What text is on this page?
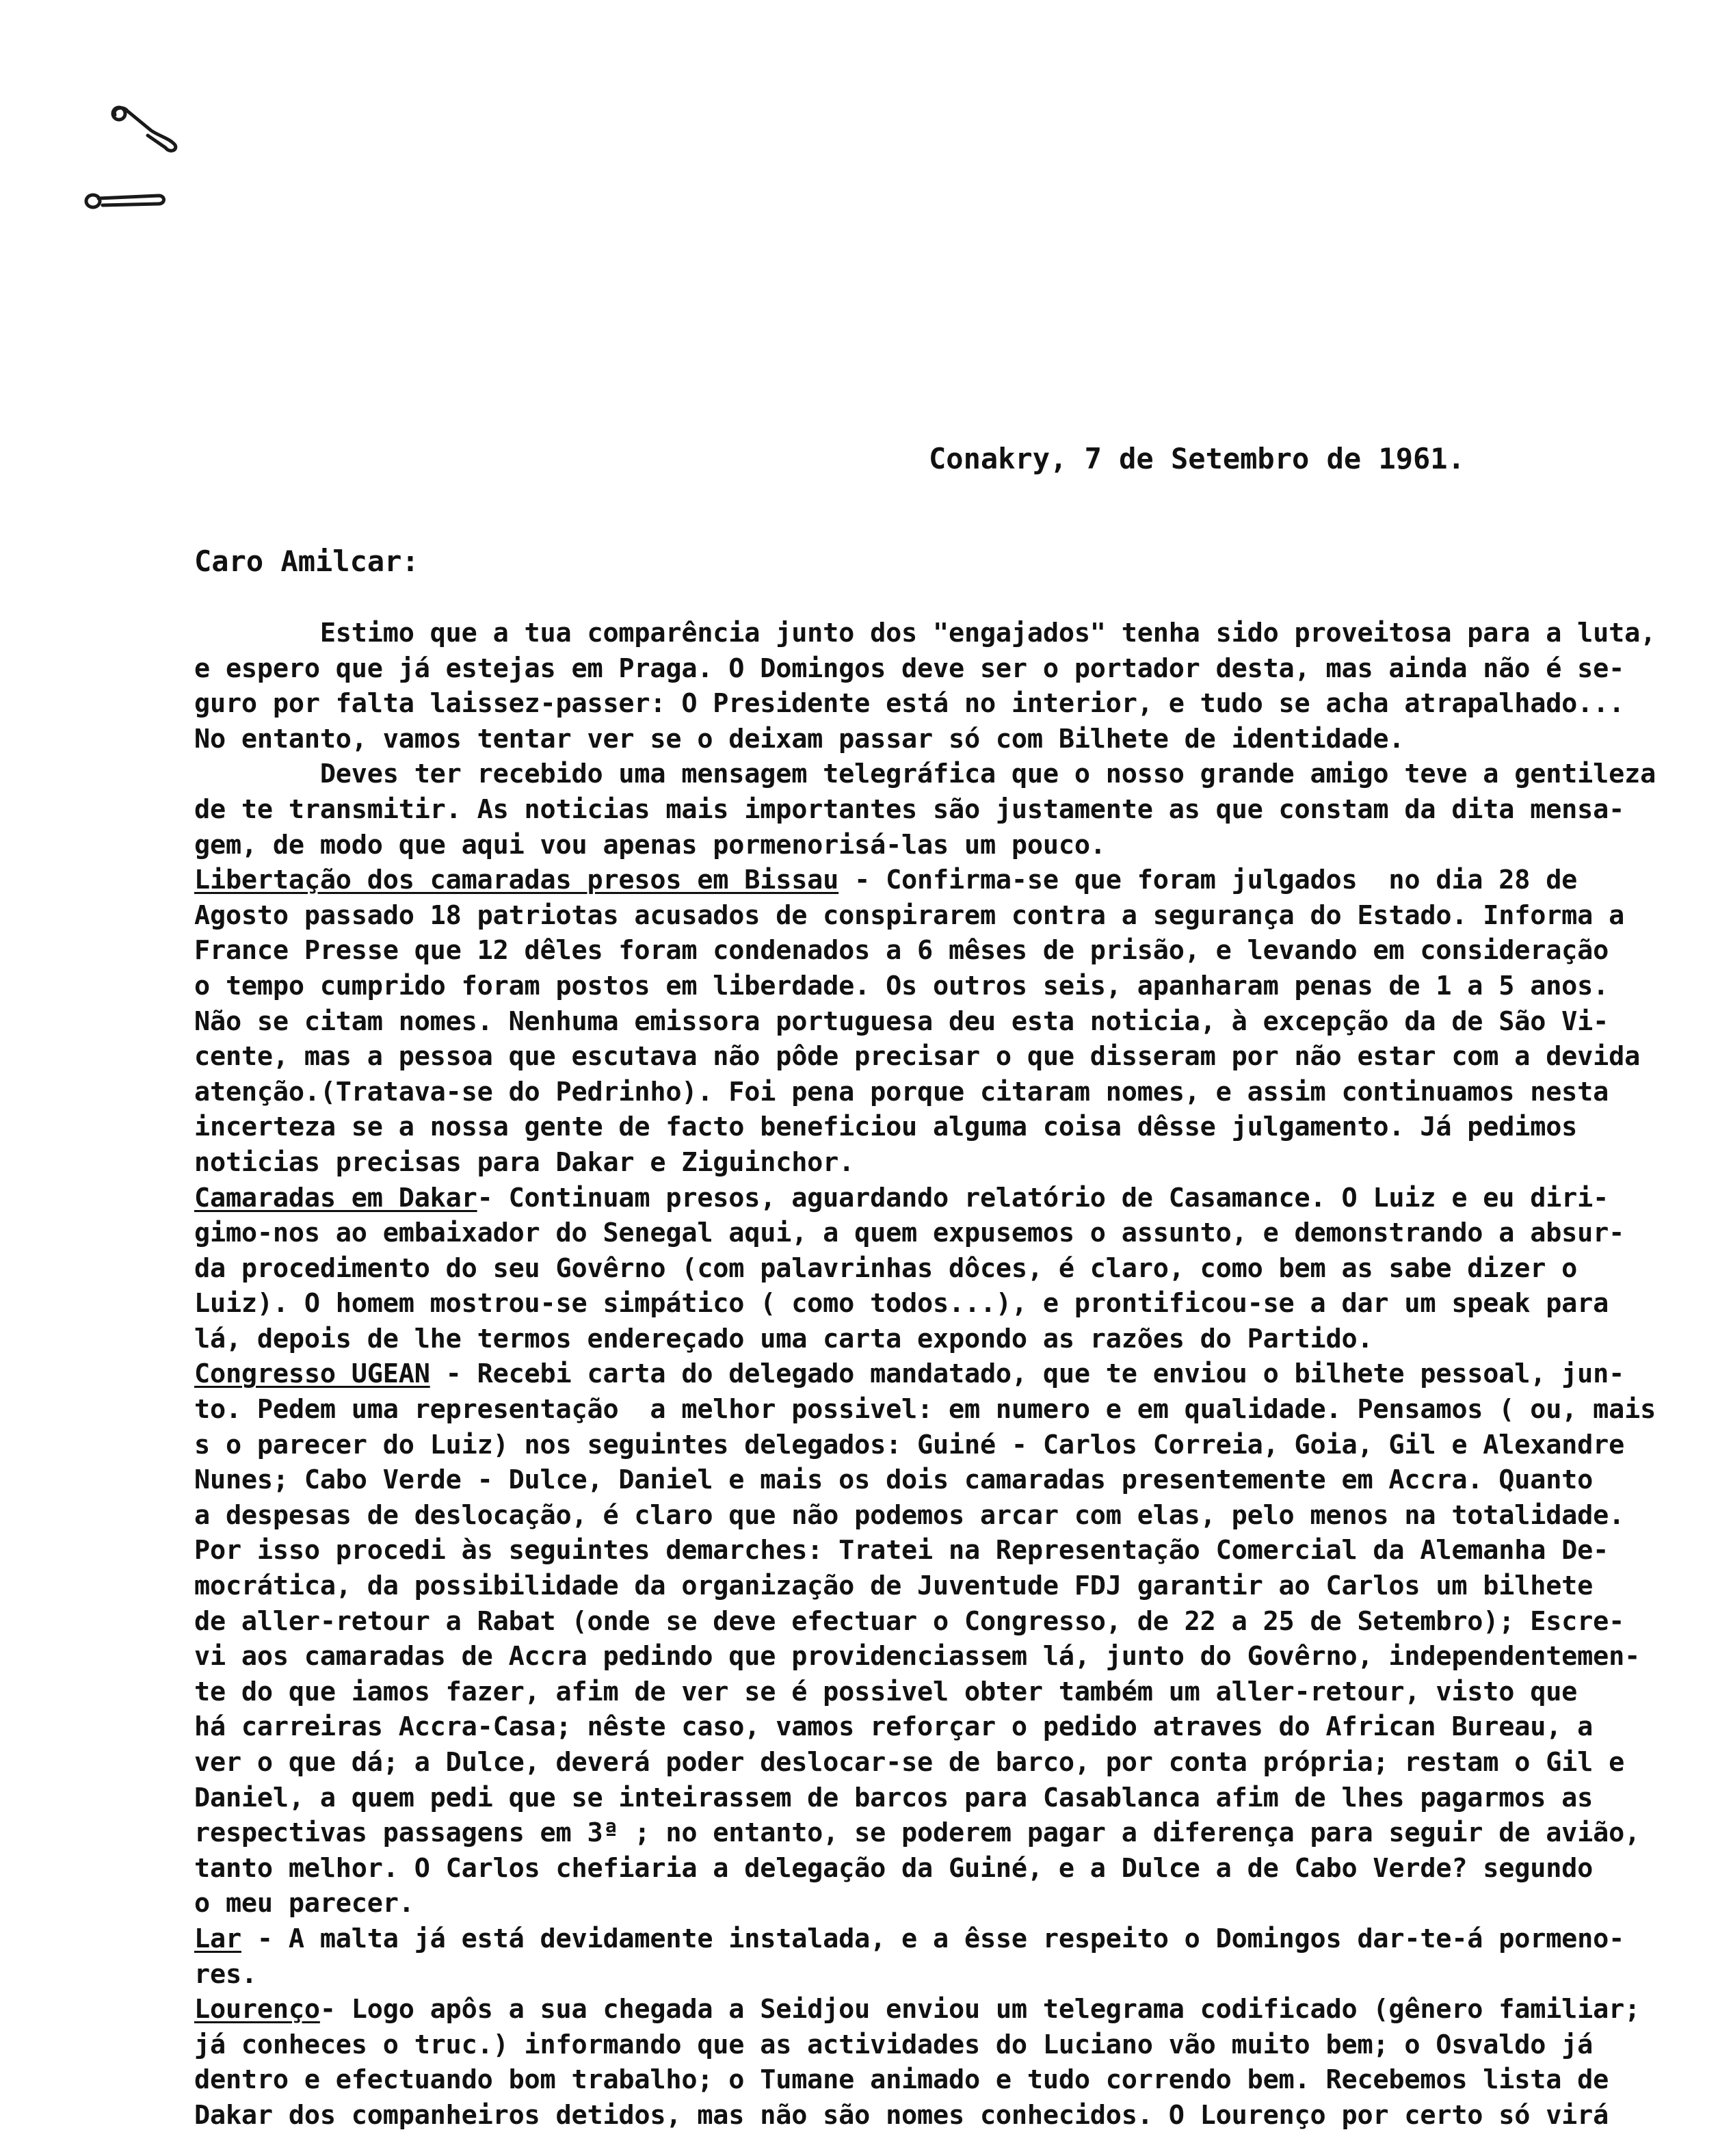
Conakry, 7 de Setembro de 1961.
Caro Amilcar:
Estimo que a tua comparência junto dos "engajados" tenha sido proveitosa para a luta,
e espero que já estejas em Praga. O Domingos deve ser o portador desta, mas ainda não é se-
guro por falta laissez-passer: O Presidente está no interior, e tudo se acha atrapalhado...
No entanto, vamos tentar ver se o deixam passar só com Bilhete de identidade.
Deves ter recebido uma mensagem telegráfica que o nosso grande amigo teve a gentileza
de te transmitir. As noticias mais importantes são justamente as que constam da dita mensa-
gem, de modo que aqui vou apenas pormenorisá-las um pouco.
Libertação dos camaradas presos em Bissau - Confirma-se que foram julgados  no dia 28 de
Agosto passado 18 patriotas acusados de conspirarem contra a segurança do Estado. Informa a
France Presse que 12 dêles foram condenados a 6 mêses de prisão, e levando em consideração
o tempo cumprido foram postos em liberdade. Os outros seis, apanharam penas de 1 a 5 anos.
Não se citam nomes. Nenhuma emissora portuguesa deu esta noticia, à excepção da de São Vi-
cente, mas a pessoa que escutava não pôde precisar o que disseram por não estar com a devida
atenção.(Tratava-se do Pedrinho). Foi pena porque citaram nomes, e assim continuamos nesta
incerteza se a nossa gente de facto beneficiou alguma coisa dêsse julgamento. Já pedimos
noticias precisas para Dakar e Ziguinchor.
Camaradas em Dakar- Continuam presos, aguardando relatório de Casamance. O Luiz e eu diri-
gimo-nos ao embaixador do Senegal aqui, a quem expusemos o assunto, e demonstrando a absur-
da procedimento do seu Govêrno (com palavrinhas dôces, é claro, como bem as sabe dizer o
Luiz). O homem mostrou-se simpático ( como todos...), e prontificou-se a dar um speak para
lá, depois de lhe termos endereçado uma carta expondo as razões do Partido.
Congresso UGEAN - Recebi carta do delegado mandatado, que te enviou o bilhete pessoal, jun-
to. Pedem uma representação  a melhor possivel: em numero e em qualidade. Pensamos ( ou, mais
s o parecer do Luiz) nos seguintes delegados: Guiné - Carlos Correia, Goia, Gil e Alexandre
Nunes; Cabo Verde - Dulce, Daniel e mais os dois camaradas presentemente em Accra. Quanto
a despesas de deslocação, é claro que não podemos arcar com elas, pelo menos na totalidade.
Por isso procedi às seguintes demarches: Tratei na Representação Comercial da Alemanha De-
mocrática, da possibilidade da organização de Juventude FDJ garantir ao Carlos um bilhete
de aller-retour a Rabat (onde se deve efectuar o Congresso, de 22 a 25 de Setembro); Escre-
vi aos camaradas de Accra pedindo que providenciassem lá, junto do Govêrno, independentemen-
te do que iamos fazer, afim de ver se é possivel obter também um aller-retour, visto que
há carreiras Accra-Casa; nêste caso, vamos reforçar o pedido atraves do African Bureau, a
ver o que dá; a Dulce, deverá poder deslocar-se de barco, por conta própria; restam o Gil e
Daniel, a quem pedi que se inteirassem de barcos para Casablanca afim de lhes pagarmos as
respectivas passagens em 3ª ; no entanto, se poderem pagar a diferença para seguir de avião,
tanto melhor. O Carlos chefiaria a delegação da Guiné, e a Dulce a de Cabo Verde? segundo
o meu parecer.
Lar - A malta já está devidamente instalada, e a êsse respeito o Domingos dar-te-á pormeno-
res.
Lourenço- Logo apôs a sua chegada a Seidjou enviou um telegrama codificado (gênero familiar;
já conheces o truc.) informando que as actividades do Luciano vão muito bem; o Osvaldo já
dentro e efectuando bom trabalho; o Tumane animado e tudo correndo bem. Recebemos lista de
Dakar dos companheiros detidos, mas não são nomes conhecidos. O Lourenço por certo só virá
